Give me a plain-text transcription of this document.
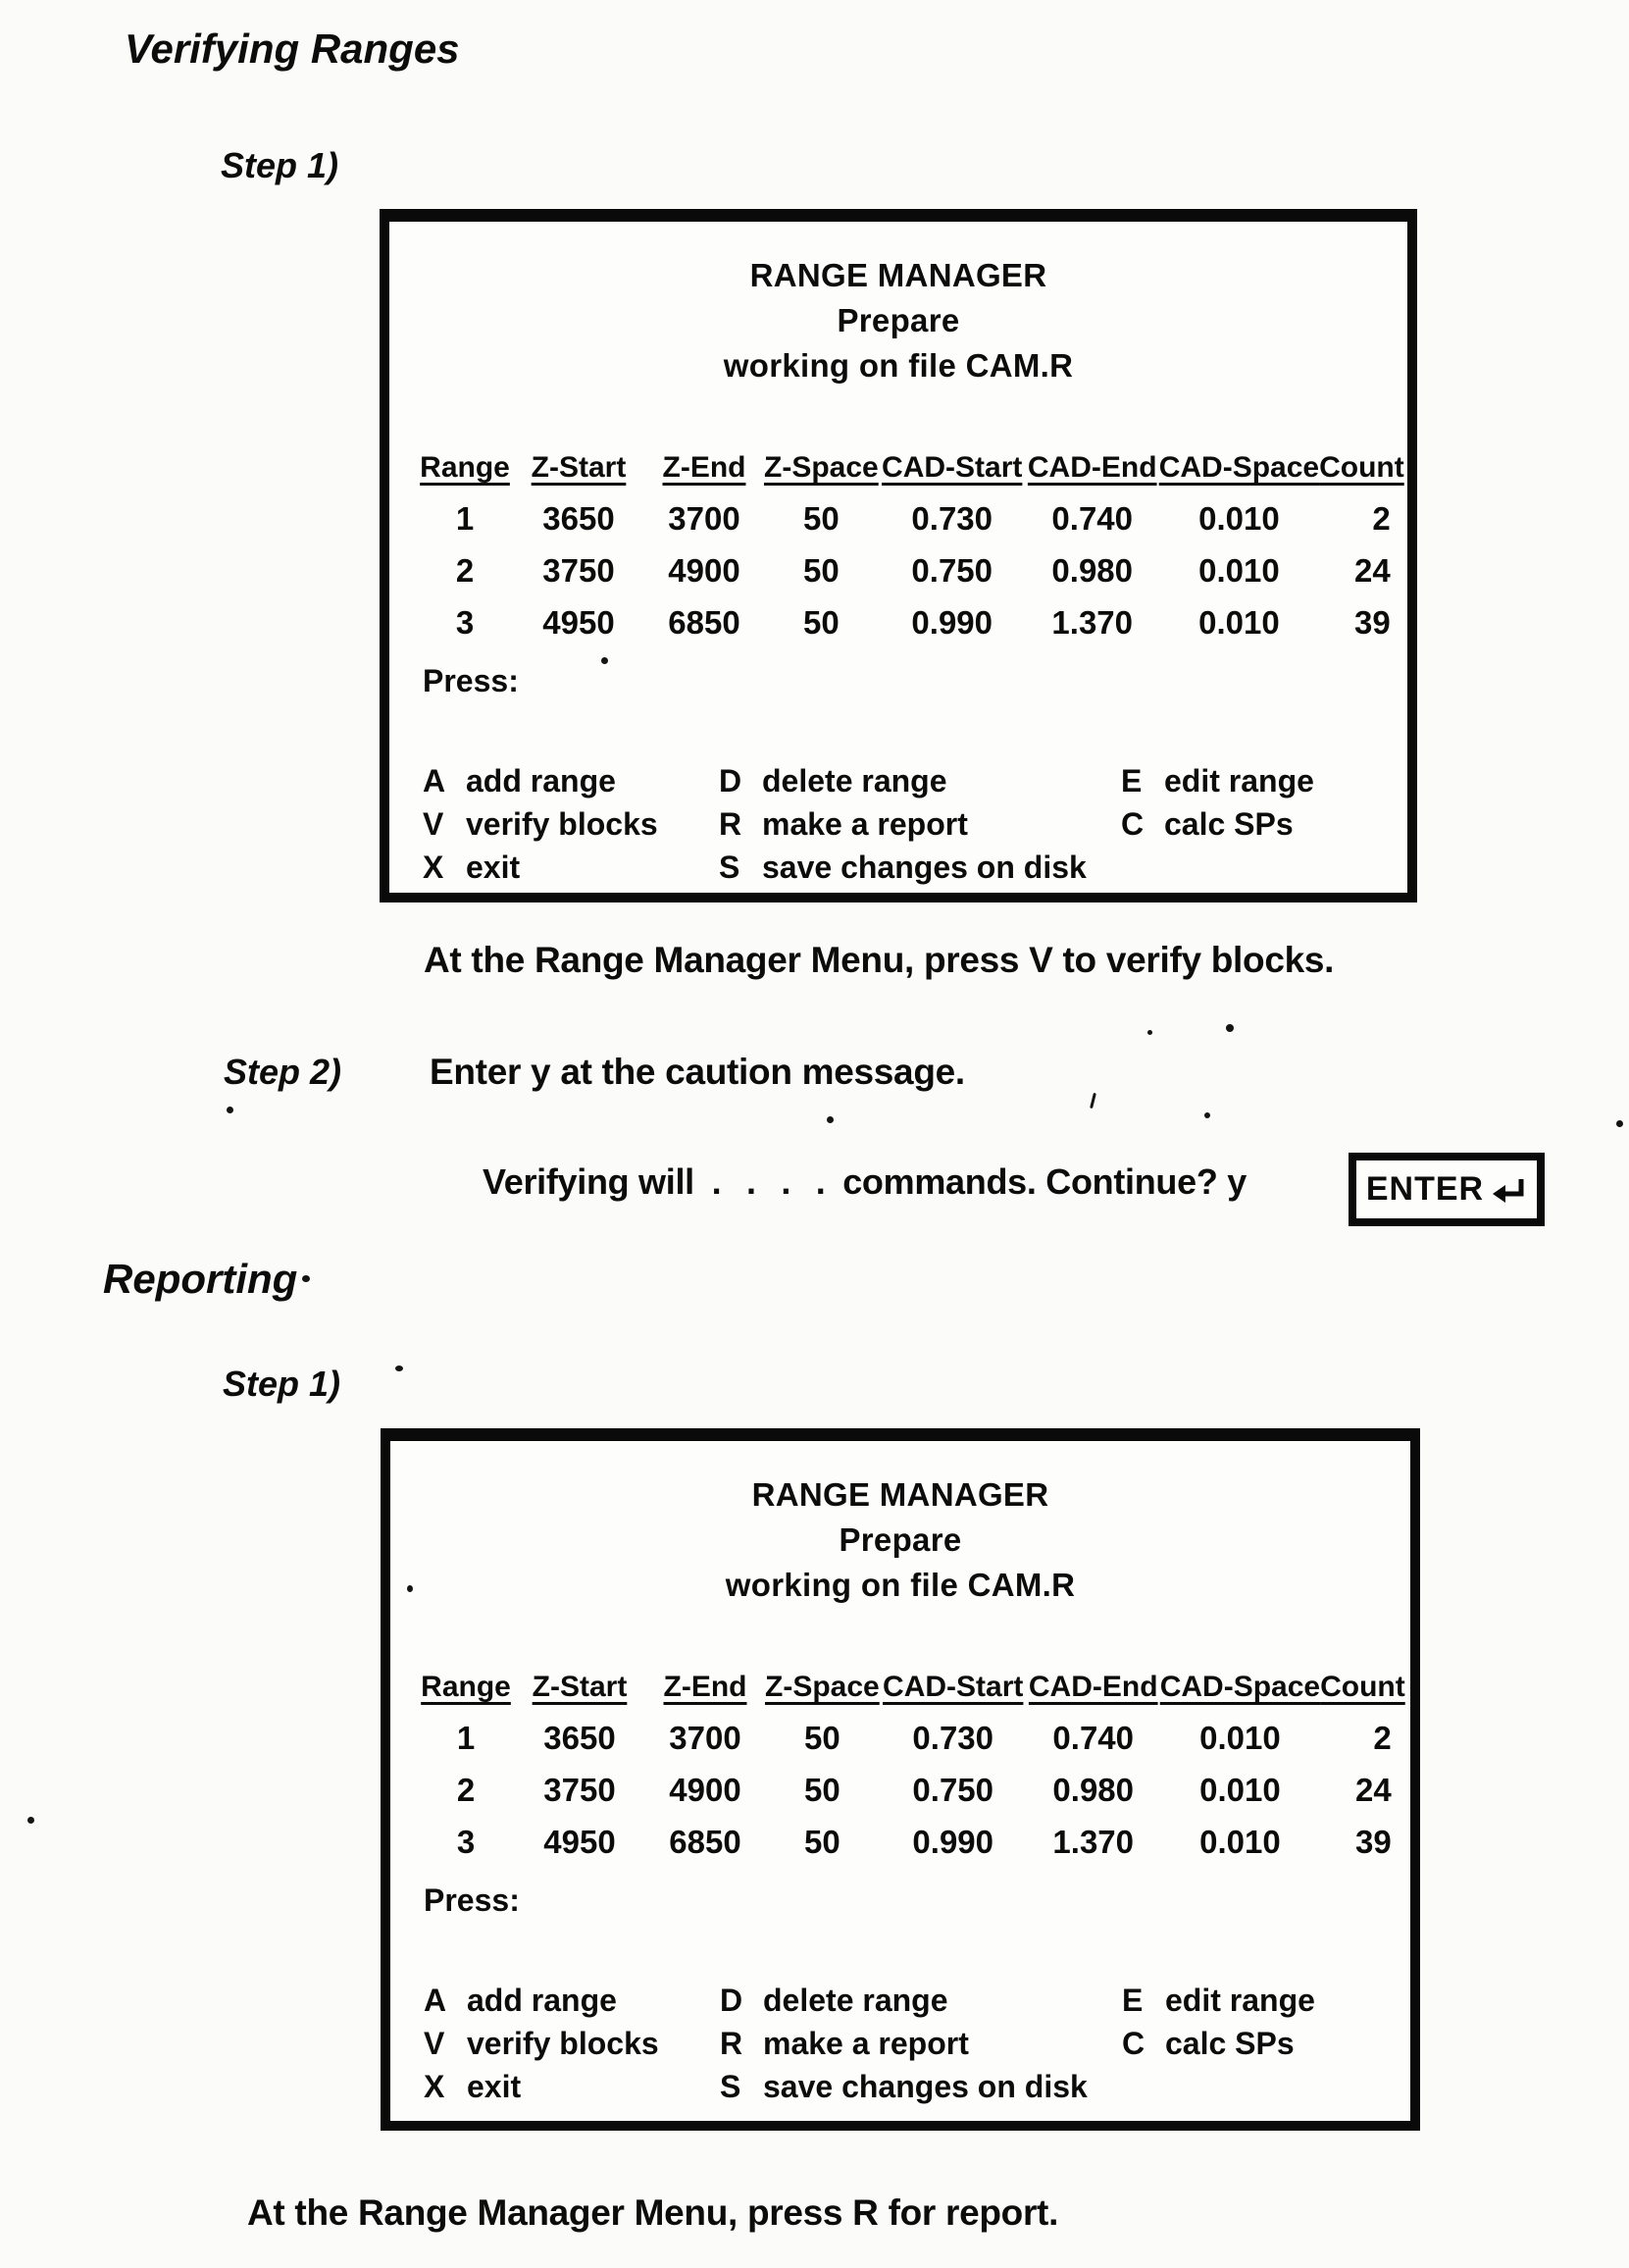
Verifying Ranges
Step 1)
RANGE MANAGER
Prepare
working on file CAM.R
Range	Z-Start	Z-End	Z-Space	CAD-Start	CAD-End	CAD-Space	Count
1	3650	3700	50	0.730	0.740	0.010	2
2	3750	4900	50	0.750	0.980	0.010	24
3	4950	6850	50	0.990	1.370	0.010	39
Press:
A add range
V verify blocks
X exit
D delete range
R make a report
S save changes on disk
E edit range
C calc SPs
At the Range Manager Menu, press V to verify blocks.
Step 2) Enter y at the caution message.
Verifying will . . . . commands. Continue? y	ENTER
Reporting
Step 1)
RANGE MANAGER
Prepare
working on file CAM.R
Range	Z-Start	Z-End	Z-Space	CAD-Start	CAD-End	CAD-Space	Count
1	3650	3700	50	0.730	0.740	0.010	2
2	3750	4900	50	0.750	0.980	0.010	24
3	4950	6850	50	0.990	1.370	0.010	39
Press:
A add range
V verify blocks
X exit
D delete range
R make a report
S save changes on disk
E edit range
C calc SPs
At the Range Manager Menu, press R for report.
